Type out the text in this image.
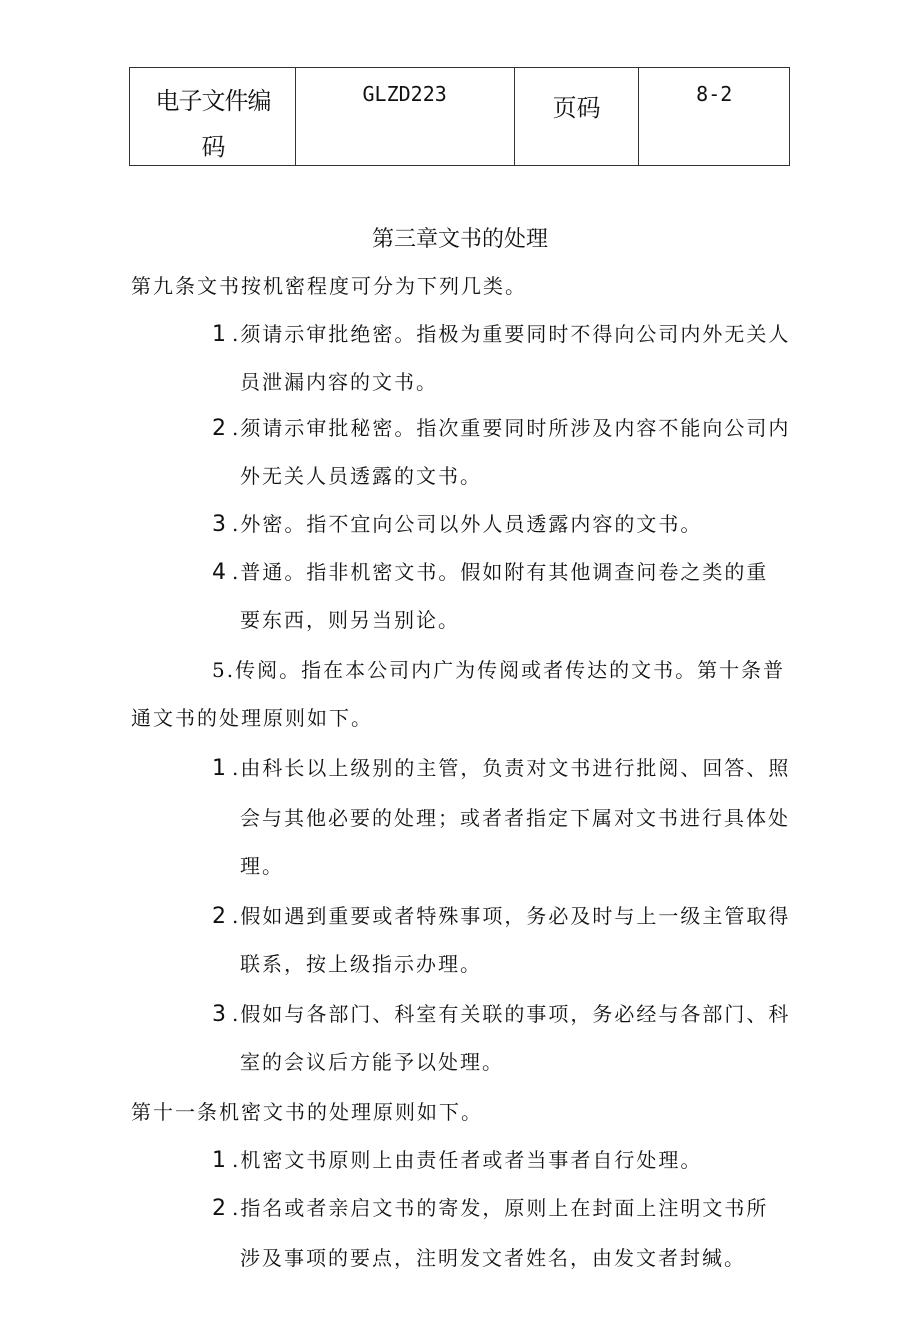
电子文件编码
GLZD223	页码	8-2
第三章文书的处理
第九条文书按机密程度可分为下列几类。
1 .须请示审批绝密。指极为重要同时不得向公司内外无关人
员泄漏内容的文书。
2 .须请示审批秘密。指次重要同时所涉及内容不能向公司内
外无关人员透露的文书。
3 .外密。指不宜向公司以外人员透露内容的文书。
4 .普通。指非机密文书。假如附有其他调查问卷之类的重
要东西，则另当别论。
5.传阅。指在本公司内广为传阅或者传达的文书。第十条普
通文书的处理原则如下。
1 .由科长以上级别的主管，负责对文书进行批阅、回答、照
会与其他必要的处理；或者者指定下属对文书进行具体处
理。
2 .假如遇到重要或者特殊事项，务必及时与上一级主管取得
联系，按上级指示办理。
3 .假如与各部门、科室有关联的事项，务必经与各部门、科
室的会议后方能予以处理。
第十一条机密文书的处理原则如下。
1 .机密文书原则上由责任者或者当事者自行处理。
2 .指名或者亲启文书的寄发，原则上在封面上注明文书所
涉及事项的要点，注明发文者姓名，由发文者封缄。
